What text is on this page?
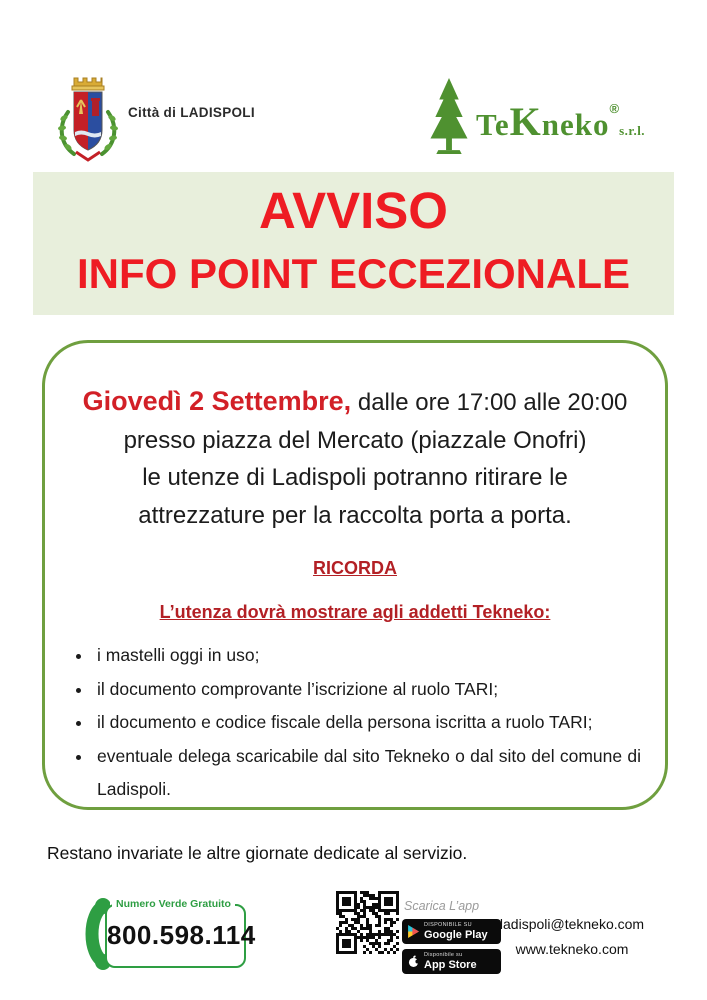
Città di LADISPOLI	TeKneko®s.r.l.
AVVISO
INFO POINT ECCEZIONALE
Giovedì 2 Settembre, dalle ore 17:00 alle 20:00
presso piazza del Mercato (piazzale Onofri)
le utenze di Ladispoli potranno ritirare le
attrezzature per la raccolta porta a porta.
RICORDA
L’utenza dovrà mostrare agli addetti Tekneko:
• i mastelli oggi in uso;
• il documento comprovante l’iscrizione al ruolo TARI;
• il documento e codice fiscale della persona iscritta a ruolo TARI;
• eventuale delega scaricabile dal sito Tekneko o dal sito del comune di Ladispoli.
Restano invariate le altre giornate dedicate al servizio.
Numero Verde Gratuito
800.598.114
Scarica L’app
DISPONIBILE SU
Google Play
Disponibile su
App Store
ladispoli@tekneko.com
www.tekneko.com
